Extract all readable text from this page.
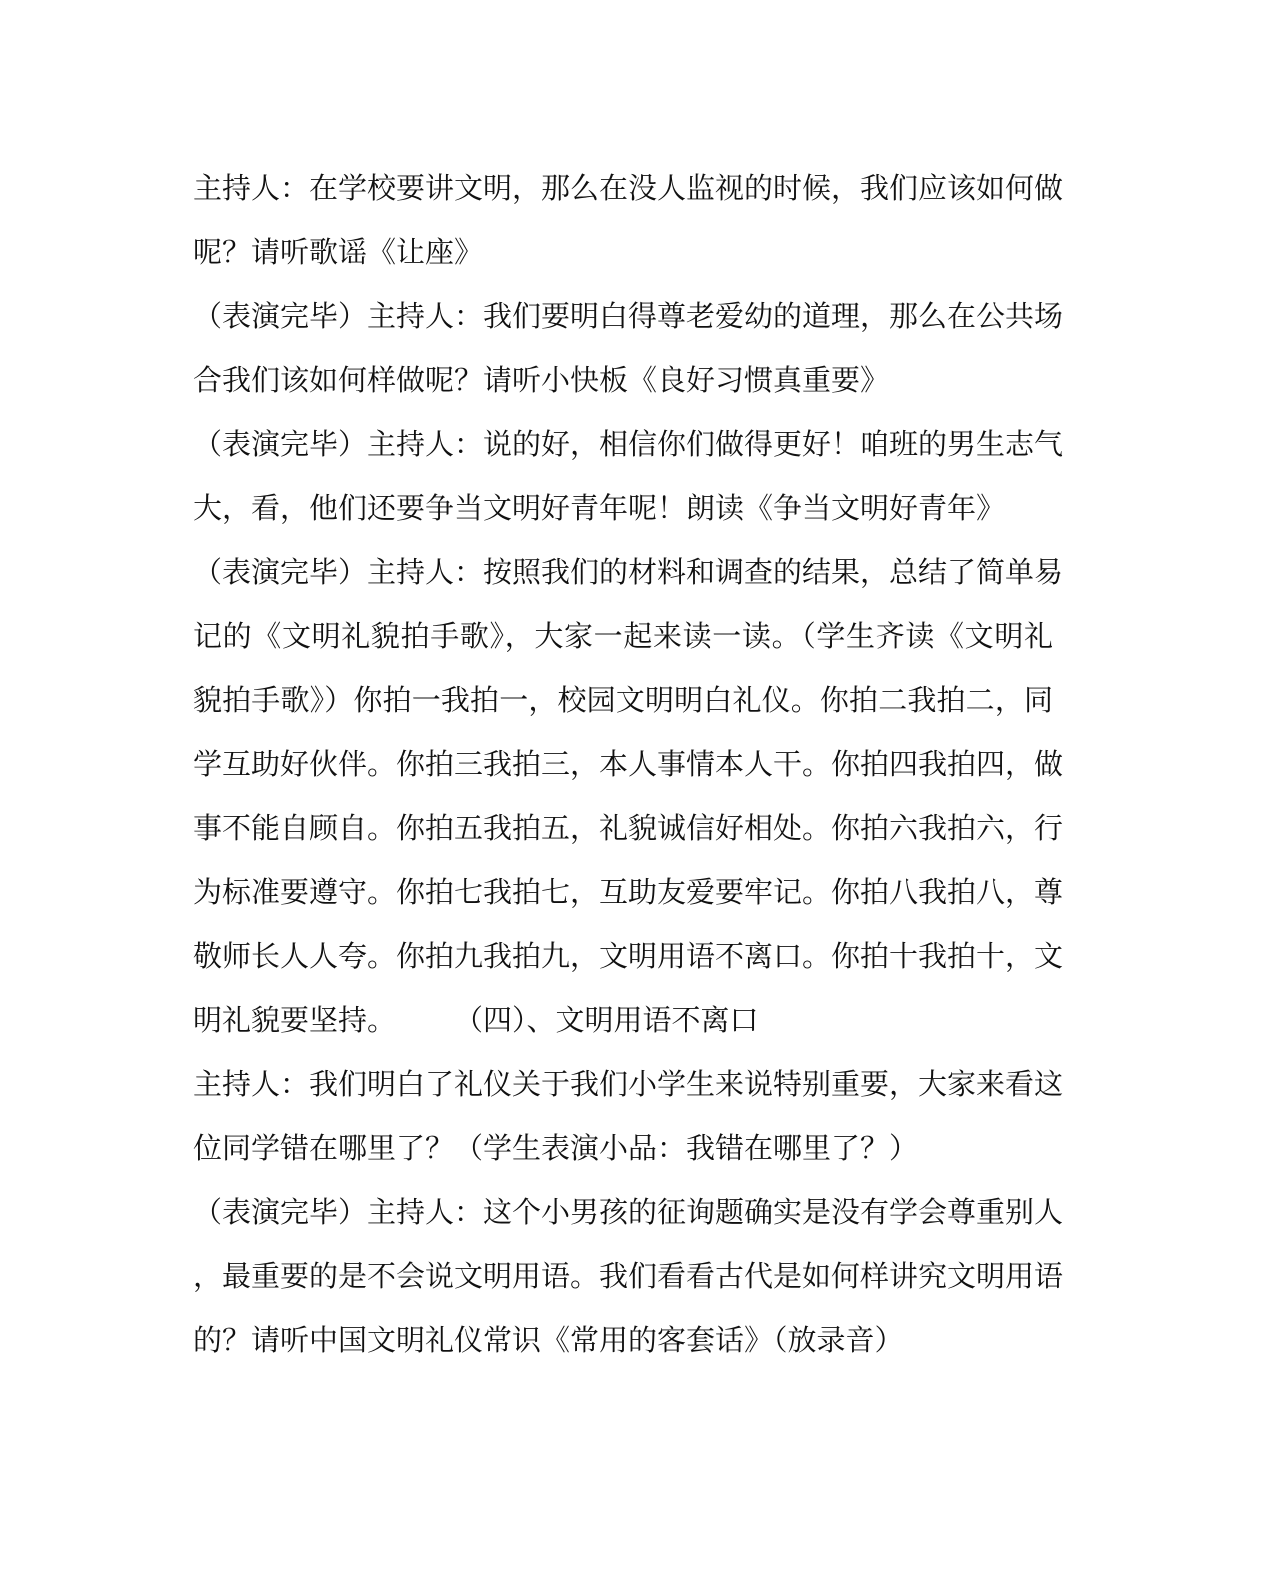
主持人：在学校要讲文明，那么在没人监视的时候，我们应该如何做
呢？请听歌谣《让座》
（表演完毕）主持人：我们要明白得尊老爱幼的道理，那么在公共场
合我们该如何样做呢？请听小快板《良好习惯真重要》
（表演完毕）主持人：说的好，相信你们做得更好！咱班的男生志气
大，看，他们还要争当文明好青年呢！朗读《争当文明好青年》
（表演完毕）主持人：按照我们的材料和调查的结果，总结了简单易
记的《文明礼貌拍手歌》，大家一起来读一读。（学生齐读《文明礼
貌拍手歌》）你拍一我拍一，校园文明明白礼仪。你拍二我拍二，同
学互助好伙伴。你拍三我拍三，本人事情本人干。你拍四我拍四，做
事不能自顾自。你拍五我拍五，礼貌诚信好相处。你拍六我拍六，行
为标准要遵守。你拍七我拍七，互助友爱要牢记。你拍八我拍八，尊
敬师长人人夸。你拍九我拍九，文明用语不离口。你拍十我拍十，文
明礼貌要坚持。　　　（四）、文明用语不离口
主持人：我们明白了礼仪关于我们小学生来说特别重要，大家来看这
位同学错在哪里了？（学生表演小品：我错在哪里了？）
（表演完毕）主持人：这个小男孩的征询题确实是没有学会尊重别人
，最重要的是不会说文明用语。我们看看古代是如何样讲究文明用语
的？请听中国文明礼仪常识《常用的客套话》（放录音）
